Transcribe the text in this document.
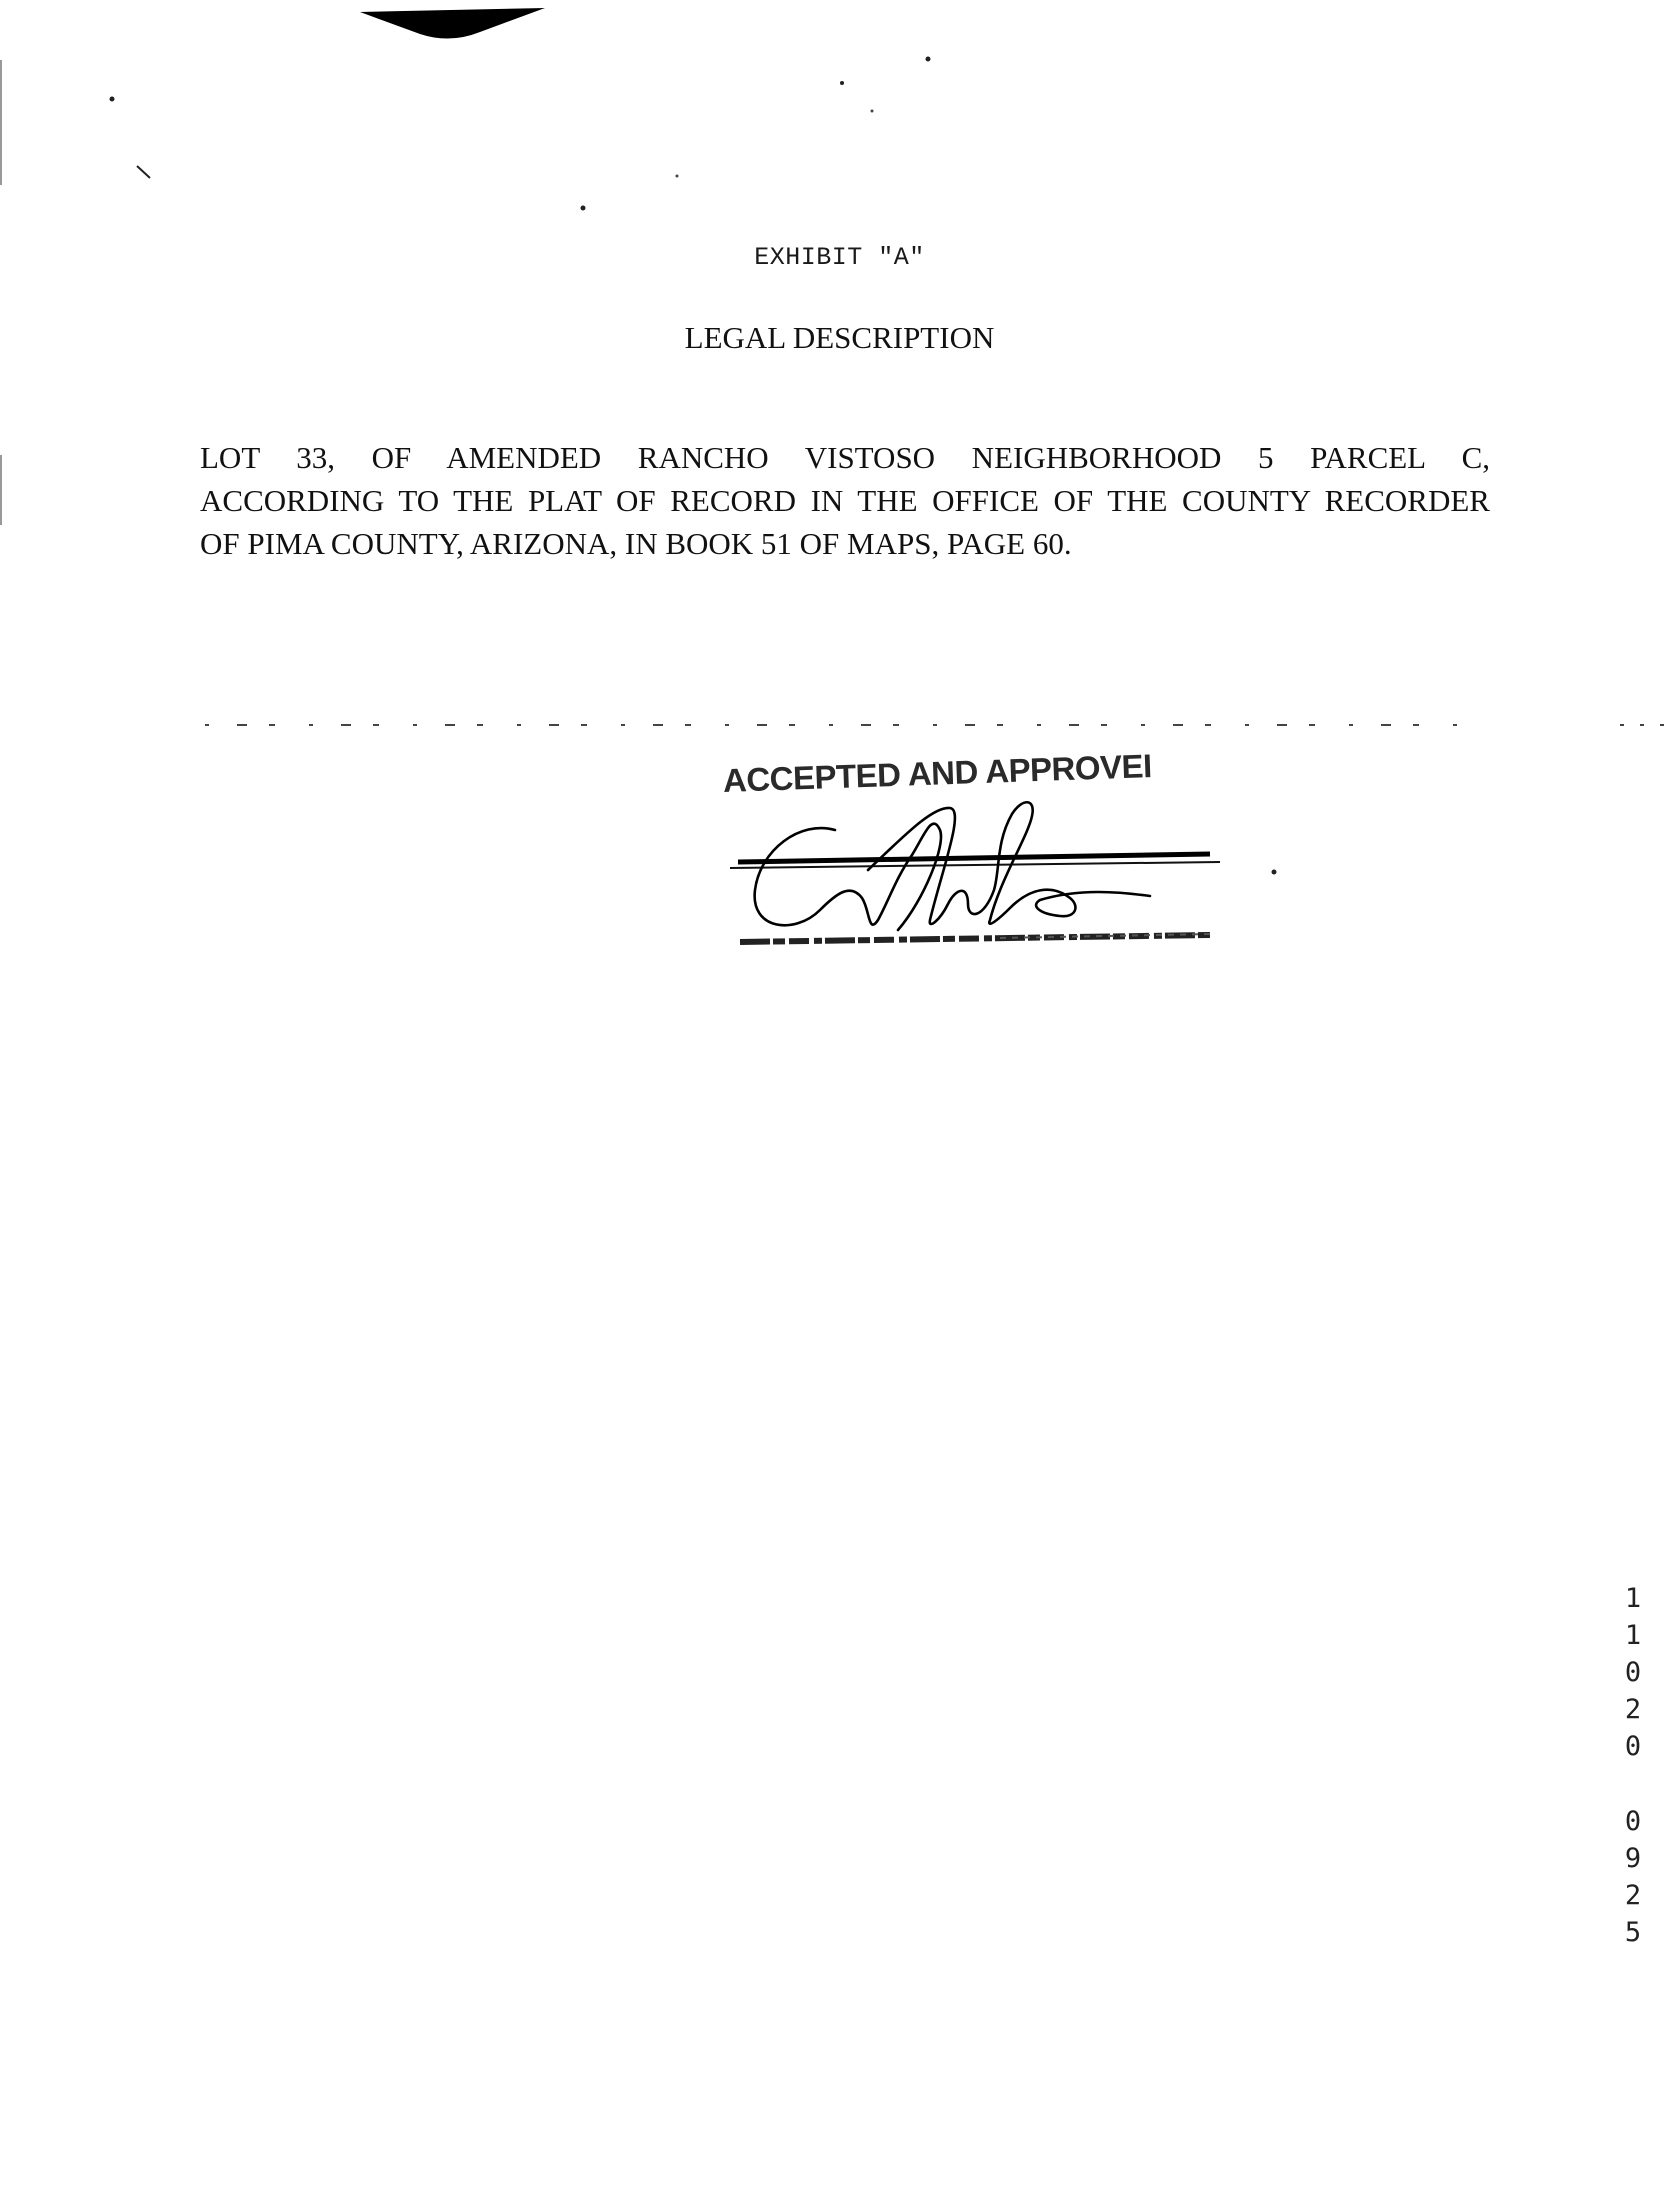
EXHIBIT "A"
LEGAL DESCRIPTION
LOT 33, OF AMENDED RANCHO VISTOSO NEIGHBORHOOD 5 PARCEL C,
ACCORDING TO THE PLAT OF RECORD IN THE OFFICE OF THE COUNTY RECORDER
OF PIMA COUNTY, ARIZONA, IN BOOK 51 OF MAPS, PAGE 60.
ACCEPTED AND APPROVEI
1
1
0
2
0
0
9
2
5
